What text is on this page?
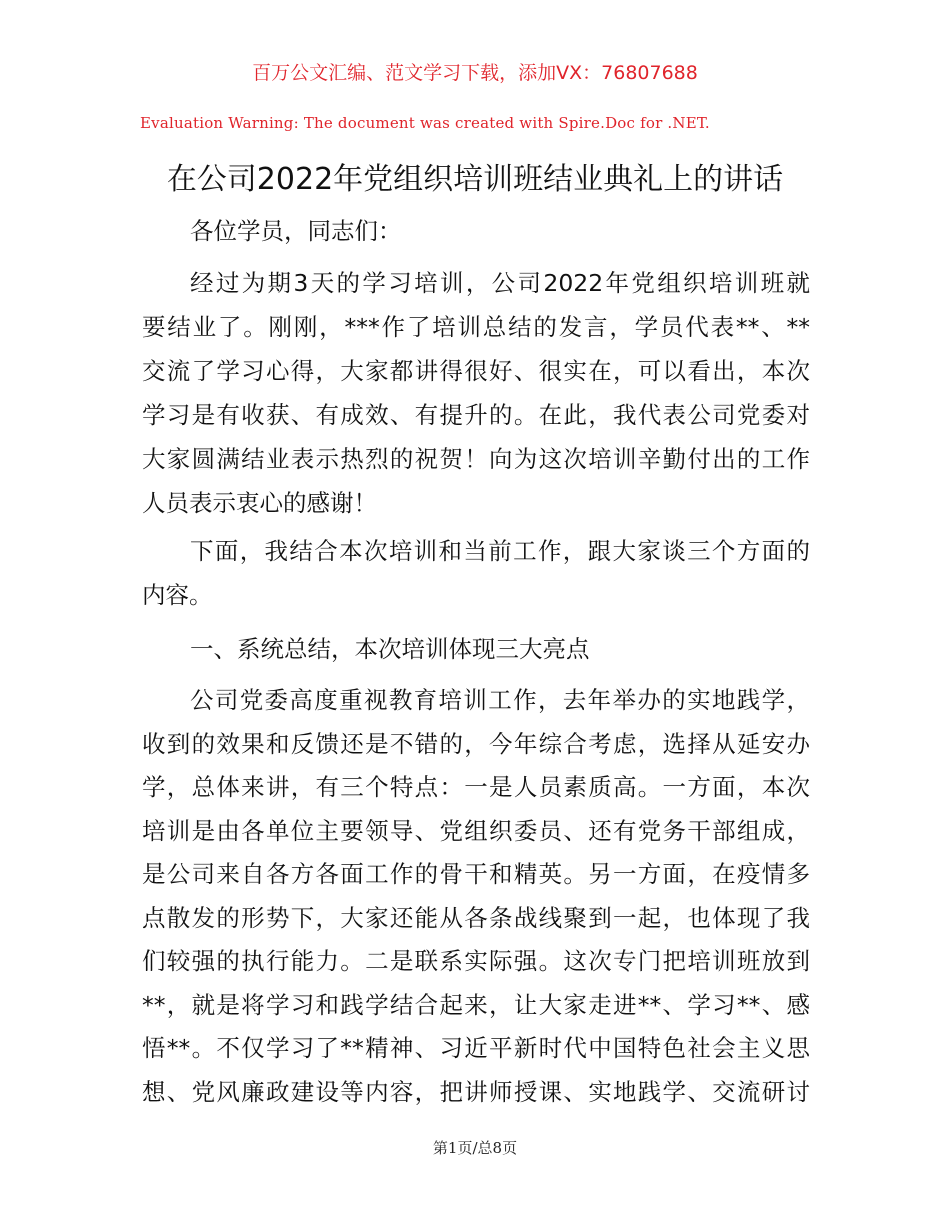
百万公文汇编、范文学习下载，添加VX：76807688
Evaluation Warning: The document was created with Spire.Doc for .NET.
在公司2022年党组织培训班结业典礼上的讲话
各位学员，同志们：
经过为期3天的学习培训，公司2022年党组织培训班就
要结业了。刚刚，***作了培训总结的发言，学员代表**、**
交流了学习心得，大家都讲得很好、很实在，可以看出，本次
学习是有收获、有成效、有提升的。在此，我代表公司党委对
大家圆满结业表示热烈的祝贺！向为这次培训辛勤付出的工作
人员表示衷心的感谢！
下面，我结合本次培训和当前工作，跟大家谈三个方面的
内容。
一、系统总结，本次培训体现三大亮点
公司党委高度重视教育培训工作，去年举办的实地践学，
收到的效果和反馈还是不错的，今年综合考虑，选择从延安办
学，总体来讲，有三个特点：一是人员素质高。一方面，本次
培训是由各单位主要领导、党组织委员、还有党务干部组成，
是公司来自各方各面工作的骨干和精英。另一方面，在疫情多
点散发的形势下，大家还能从各条战线聚到一起，也体现了我
们较强的执行能力。二是联系实际强。这次专门把培训班放到
**，就是将学习和践学结合起来，让大家走进**、学习**、感
悟**。不仅学习了**精神、习近平新时代中国特色社会主义思
想、党风廉政建设等内容，把讲师授课、实地践学、交流研讨
第1页/总8页
